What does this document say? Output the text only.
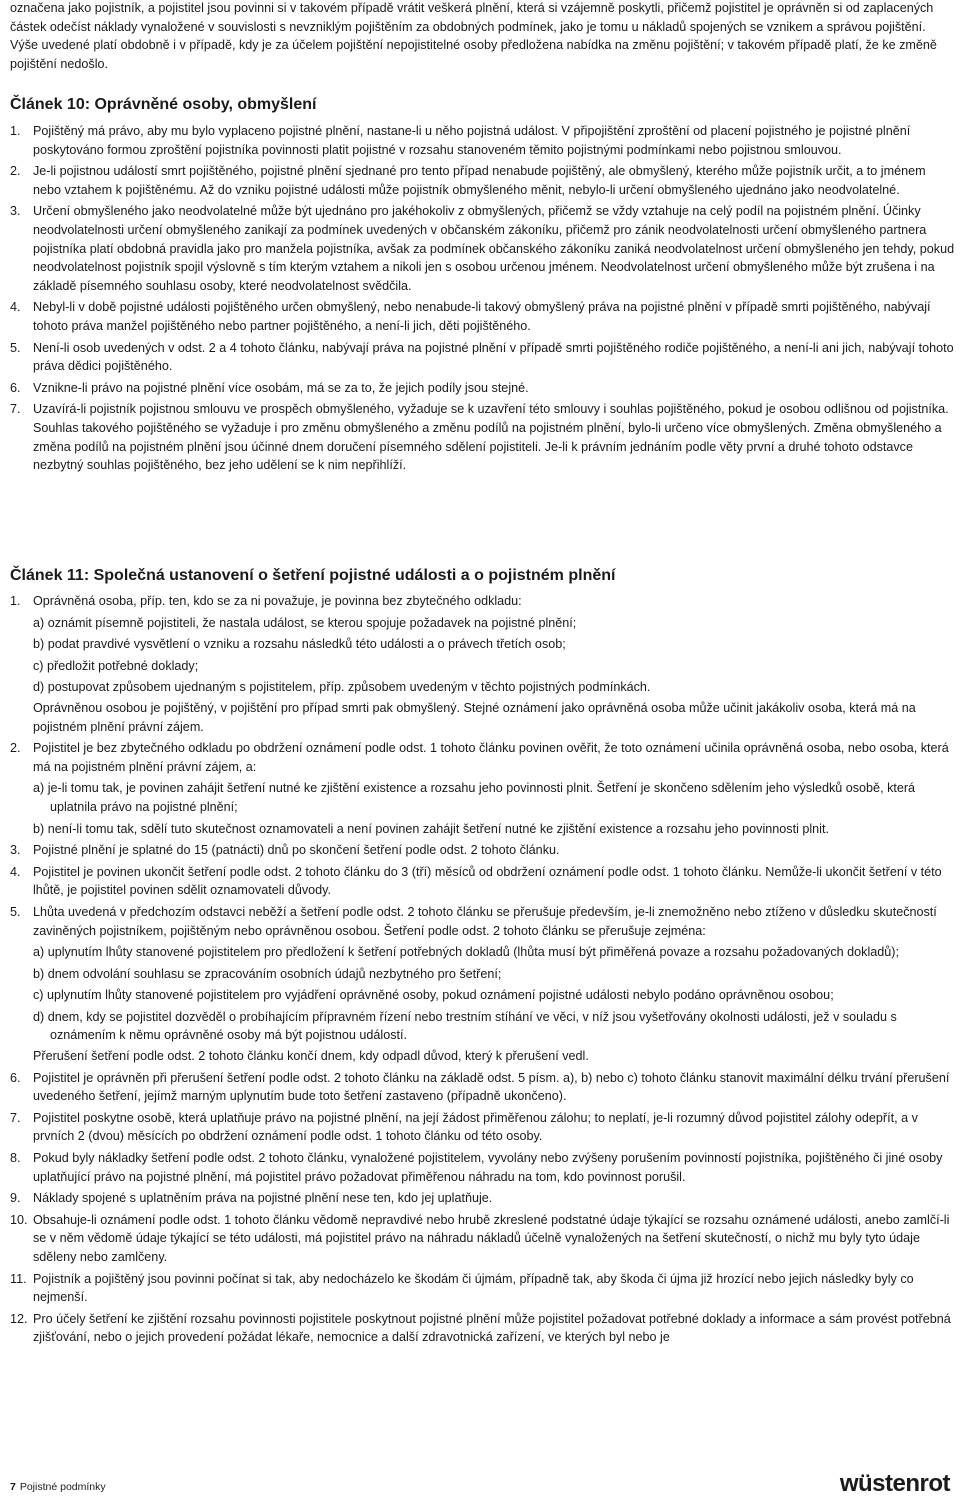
označena jako pojistník, a pojistitel jsou povinni si v takovém případě vrátit veškerá plnění, která si vzájemně poskytli, přičemž pojistitel je oprávněn si od zaplacených částek odečíst náklady vynaložené v souvislosti s nevzniklým pojištěním za obdobných podmínek, jako je tomu u nákladů spojených se vznikem a správou pojištění. Výše uvedené platí obdobně i v případě, kdy je za účelem pojištění nepojistitelné osoby předložena nabídka na změnu pojištění; v takovém případě platí, že ke změně pojištění nedošlo.

Článek 10: Oprávněné osoby, obmyšlení
1. Pojištěný má právo, aby mu bylo vyplaceno pojistné plnění, nastane-li u něho pojistná událost. V připojištění zproštění od placení pojistného je pojistné plnění poskytováno formou zproštění pojistníka povinnosti platit pojistné v rozsahu stanoveném těmito pojistnými podmínkami nebo pojistnou smlouvou.
2. Je-li pojistnou událostí smrt pojištěného, pojistné plnění sjednané pro tento případ nenabude pojištěný, ale obmyšlený, kterého může pojistník určit, a to jménem nebo vztahem k pojištěnému. Až do vzniku pojistné události může pojistník obmyšleného měnit, nebylo-li určení obmyšleného ujednáno jako neodvolatelné.
3. Určení obmyšleného jako neodvolatelné může být ujednáno pro jakéhokoliv z obmyšlených, přičemž se vždy vztahuje na celý podíl na pojistném plnění. Účinky neodvolatelnosti určení obmyšleného zanikají za podmínek uvedených v občanském zákoníku, přičemž pro zánik neodvolatelnosti určení obmyšleného partnera pojistníka platí obdobná pravidla jako pro manžela pojistníka, avšak za podmínek občanského zákoníku zaniká neodvolatelnost určení obmyšleného jen tehdy, pokud neodvolatelnost pojistník spojil výslovně s tím kterým vztahem a nikoli jen s osobou určenou jménem. Neodvolatelnost určení obmyšleného může být zrušena i na základě písemného souhlasu osoby, které neodvolatelnost svědčila.
4. Nebyl-li v době pojistné události pojištěného určen obmyšlený, nebo nenabude-li takový obmyšlený práva na pojistné plnění v případě smrti pojištěného, nabývají tohoto práva manžel pojištěného nebo partner pojištěného, a není-li jich, děti pojištěného.
5. Není-li osob uvedených v odst. 2 a 4 tohoto článku, nabývají práva na pojistné plnění v případě smrti pojištěného rodiče pojištěného, a není-li ani jich, nabývají tohoto práva dědici pojištěného.
6. Vznikne-li právo na pojistné plnění více osobám, má se za to, že jejich podíly jsou stejné.
7. Uzavírá-li pojistník pojistnou smlouvu ve prospěch obmyšleného, vyžaduje se k uzavření této smlouvy i souhlas pojištěného, pokud je osobou odlišnou od pojistníka. Souhlas takového pojištěného se vyžaduje i pro změnu obmyšleného a změnu podílů na pojistném plnění, bylo-li určeno více obmyšlených. Změna obmyšleného a změna podílů na pojistném plnění jsou účinné dnem doručení písemného sdělení pojistiteli. Je-li k právním jednáním podle věty první a druhé tohoto odstavce nezbytný souhlas pojištěného, bez jeho udělení se k nim nepřihlíží.
Článek 11: Společná ustanovení o šetření pojistné události a o pojistném plnění
1. Oprávněná osoba, příp. ten, kdo se za ni považuje, je povinna bez zbytečného odkladu:

a) oznámit písemně pojistiteli, že nastala událost, se kterou spojuje požadavek na pojistné plnění;

b) podat pravdivé vysvětlení o vzniku a rozsahu následků této události a o právech třetích osob;

c) předložit potřebné doklady;

d) postupovat způsobem ujednaným s pojistitelem, příp. způsobem uvedeným v těchto pojistných podmínkách.

Oprávněnou osobou je pojištěný, v pojištění pro případ smrti pak obmyšlený. Stejné oznámení jako oprávněná osoba může učinit jakákoliv osoba, která má na pojistném plnění právní zájem.

2. Pojistitel je bez zbytečného odkladu po obdržení oznámení podle odst. 1 tohoto článku povinen ověřit, že toto oznámení učinila oprávněná osoba, nebo osoba, která má na pojistném plnění právní zájem, a:

a) je-li tomu tak, je povinen zahájit šetření nutné ke zjištění existence a rozsahu jeho povinnosti plnit. Šetření je skončeno sdělením jeho výsledků osobě, která uplatnila právo na pojistné plnění;

b) není-li tomu tak, sdělí tuto skutečnost oznamovateli a není povinen zahájit šetření nutné ke zjištění existence a rozsahu jeho povinnosti plnit.

3. Pojistné plnění je splatné do 15 (patnácti) dnů po skončení šetření podle odst. 2 tohoto článku.
4. Pojistitel je povinen ukončit šetření podle odst. 2 tohoto článku do 3 (tří) měsíců od obdržení oznámení podle odst. 1 tohoto článku. Nemůže-li ukončit šetření v této lhůtě, je pojistitel povinen sdělit oznamovateli důvody.
5. Lhůta uvedená v předchozím odstavci neběží a šetření podle odst. 2 tohoto článku se přerušuje především, je-li znemožněno nebo ztíženo v důsledku skutečností zaviněných pojistníkem, pojištěným nebo oprávněnou osobou. Šetření podle odst. 2 tohoto článku se přerušuje zejména:

a) uplynutím lhůty stanovené pojistitelem pro předložení k šetření potřebných dokladů (lhůta musí být přiměřená povaze a rozsahu požadovaných dokladů);

b) dnem odvolání souhlasu se zpracováním osobních údajů nezbytného pro šetření;

c) uplynutím lhůty stanovené pojistitelem pro vyjádření oprávněné osoby, pokud oznámení pojistné události nebylo podáno oprávněnou osobou;

d) dnem, kdy se pojistitel dozvěděl o probíhajícím přípravném řízení nebo trestním stíhání ve věci, v níž jsou vyšetřovány okolnosti události, jež v souladu s oznámením k němu oprávněné osoby má být pojistnou událostí.

Přerušení šetření podle odst. 2 tohoto článku končí dnem, kdy odpadl důvod, který k přerušení vedl.

6. Pojistitel je oprávněn při přerušení šetření podle odst. 2 tohoto článku na základě odst. 5 písm. a), b) nebo c) tohoto článku stanovit maximální délku trvání přerušení uvedeného šetření, jejímž marným uplynutím bude toto šetření zastaveno (případně ukončeno).
7. Pojistitel poskytne osobě, která uplatňuje právo na pojistné plnění, na její žádost přiměřenou zálohu; to neplatí, je-li rozumný důvod pojistitel zálohy odepřít, a v prvních 2 (dvou) měsících po obdržení oznámení podle odst. 1 tohoto článku od této osoby.
8. Pokud byly nákladky šetření podle odst. 2 tohoto článku, vynaložené pojistitelem, vyvolány nebo zvýšeny porušením povinností pojistníka, pojištěného či jiné osoby uplatňující právo na pojistné plnění, má pojistitel právo požadovat přiměřenou náhradu na tom, kdo povinnost porušil.
9. Náklady spojené s uplatněním práva na pojistné plnění nese ten, kdo jej uplatňuje.
10. Obsahuje-li oznámení podle odst. 1 tohoto článku vědomě nepravdivé nebo hrubě zkreslené podstatné údaje týkající se rozsahu oznámené události, anebo zamlčí-li se v něm vědomě údaje týkající se této události, má pojistitel právo na náhradu nákladů účelně vynaložených na šetření skutečností, o nichž mu byly tyto údaje sděleny nebo zamlčeny.
11. Pojistník a pojištěný jsou povinni počínat si tak, aby nedocházelo ke škodám či újmám, případně tak, aby škoda či újma již hrozící nebo jejich následky byly co nejmenší.
12. Pro účely šetření ke zjištění rozsahu povinnosti pojistitele poskytnout pojistné plnění může pojistitel požadovat potřebné doklady a informace a sám provést potřebná zjišťování, nebo o jejich provedení požádat lékaře, nemocnice a další zdravotnická zařízení, ve kterých byl nebo je
7 Pojistné podmínky	wüstenrot
